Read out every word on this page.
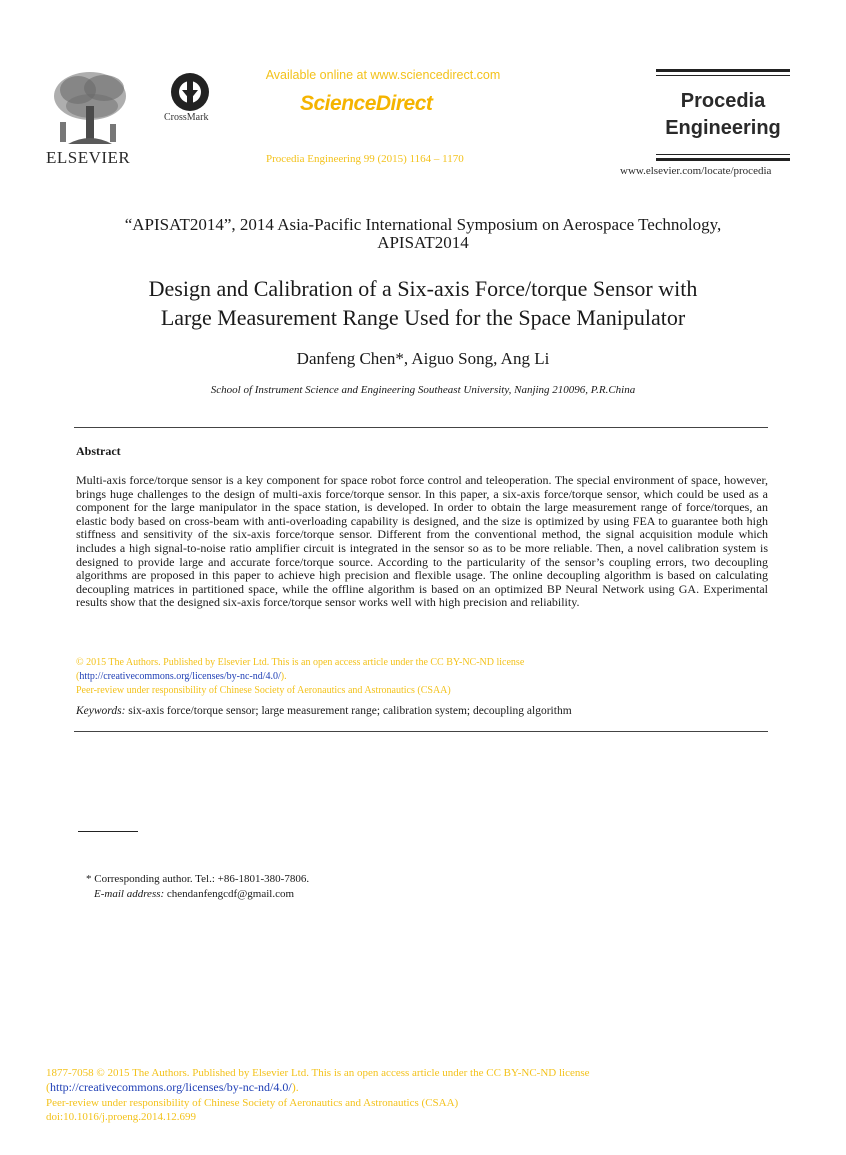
ELSEVIER
CrossMark
Available online at www.sciencedirect.com
ScienceDirect
Procedia Engineering 99 (2015) 1164 – 1170
Procedia
Engineering
www.elsevier.com/locate/procedia
“APISAT2014”, 2014 Asia-Pacific International Symposium on Aerospace Technology, APISAT2014
Design and Calibration of a Six-axis Force/torque Sensor with
Large Measurement Range Used for the Space Manipulator
Danfeng Chen*, Aiguo Song, Ang Li
School of Instrument Science and Engineering Southeast University, Nanjing 210096, P.R.China
Abstract
Multi-axis force/torque sensor is a key component for space robot force control and teleoperation. The special environment of space, however, brings huge challenges to the design of multi-axis force/torque sensor. In this paper, a six-axis force/torque sensor, which could be used as a component for the large manipulator in the space station, is developed. In order to obtain the large measurement range of force/torques, an elastic body based on cross-beam with anti-overloading capability is designed, and the size is optimized by using FEA to guarantee both high stiffness and sensitivity of the six-axis force/torque sensor. Different from the conventional method, the signal acquisition module which includes a high signal-to-noise ratio amplifier circuit is integrated in the sensor so as to be more reliable. Then, a novel calibration system is designed to provide large and accurate force/torque source. According to the particularity of the sensor’s coupling errors, two decoupling algorithms are proposed in this paper to achieve high precision and flexible usage. The online decoupling algorithm is based on calculating decoupling matrices in partitioned space, while the offline algorithm is based on an optimized BP Neural Network using GA. Experimental results show that the designed six-axis force/torque sensor works well with high precision and reliability.
© 2015 The Authors. Published by Elsevier Ltd. This is an open access article under the CC BY-NC-ND license
(http://creativecommons.org/licenses/by-nc-nd/4.0/).
Peer-review under responsibility of Chinese Society of Aeronautics and Astronautics (CSAA)
Keywords: six-axis force/torque sensor; large measurement range; calibration system; decoupling algorithm
* Corresponding author. Tel.: +86-1801-380-7806.
E-mail address: chendanfengcdf@gmail.com
1877-7058 © 2015 The Authors. Published by Elsevier Ltd. This is an open access article under the CC BY-NC-ND license
(http://creativecommons.org/licenses/by-nc-nd/4.0/).
Peer-review under responsibility of Chinese Society of Aeronautics and Astronautics (CSAA)
doi:10.1016/j.proeng.2014.12.699
